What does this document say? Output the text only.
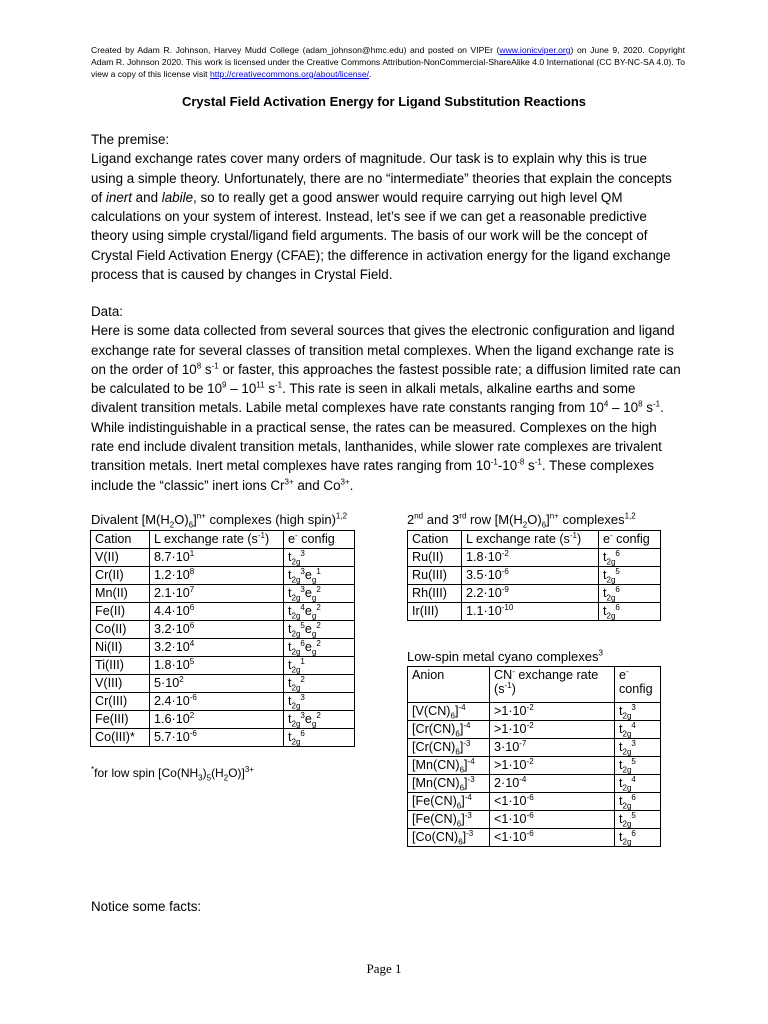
Created by Adam R. Johnson, Harvey Mudd College (adam_johnson@hmc.edu) and posted on VIPEr (www.ionicviper.org) on June 9, 2020. Copyright Adam R. Johnson 2020. This work is licensed under the Creative Commons Attribution-NonCommercial-ShareAlike 4.0 International (CC BY-NC-SA 4.0). To view a copy of this license visit http://creativecommons.org/about/license/.
Crystal Field Activation Energy for Ligand Substitution Reactions
The premise:
Ligand exchange rates cover many orders of magnitude. Our task is to explain why this is true using a simple theory. Unfortunately, there are no “intermediate” theories that explain the concepts of inert and labile, so to really get a good answer would require carrying out high level QM calculations on your system of interest. Instead, let’s see if we can get a reasonable predictive theory using simple crystal/ligand field arguments. The basis of our work will be the concept of Crystal Field Activation Energy (CFAE); the difference in activation energy for the ligand exchange process that is caused by changes in Crystal Field.
Data:
Here is some data collected from several sources that gives the electronic configuration and ligand exchange rate for several classes of transition metal complexes. When the ligand exchange rate is on the order of $10^8$ $s^{-1}$ or faster, this approaches the fastest possible rate; a diffusion limited rate can be calculated to be $10^9 - 10^{11}$ $s^{-1}$. This rate is seen in alkali metals, alkaline earths and some divalent transition metals. Labile metal complexes have rate constants ranging from $10^4 - 10^8$ $s^{-1}$. While indistinguishable in a practical sense, the rates can be measured. Complexes on the high rate end include divalent transition metals, lanthanides, while slower rate complexes are trivalent transition metals. Inert metal complexes have rates ranging from $10^{-1}-10^{-8}$ $s^{-1}$. These complexes include the “classic” inert ions $Cr^{3+}$ and $Co^{3+}$.
Divalent $[M(H_2O)_6]^{n+}$ complexes (high spin)$^{1,2}$
Cation	L exchange rate $(s^{-1})$	e- config
V(II)	$8.7\cdot 10^1$	$t_{2g}^3$
Cr(II)	$1.2\cdot 10^8$	$t_{2g}^3e_g^1$
Mn(II)	$2.1\cdot 10^7$	$t_{2g}^3e_g^2$
Fe(II)	$4.4\cdot 10^6$	$t_{2g}^4e_g^2$
Co(II)	$3.2\cdot 10^6$	$t_{2g}^5e_g^2$
Ni(II)	$3.2\cdot 10^4$	$t_{2g}^6e_g^2$
Ti(III)	$1.8\cdot 10^5$	$t_{2g}^1$
V(III)	$5\cdot 10^2$	$t_{2g}^2$
Cr(III)	$2.4\cdot 10^{-6}$	$t_{2g}^3$
Fe(III)	$1.6\cdot 10^2$	$t_{2g}^3e_g^2$
Co(III)*	$5.7\cdot 10^{-6}$	$t_{2g}^6$
*for low spin $[Co(NH_3)_5(H_2O)]^{3+}$
2nd and 3rd row $[M(H_2O)_6]^{n+}$ complexes$^{1,2}$
Cation	L exchange rate $(s^{-1})$	e- config
Ru(II)	$1.8\cdot 10^{-2}$	$t_{2g}^6$
Ru(III)	$3.5\cdot 10^{-6}$	$t_{2g}^5$
Rh(III)	$2.2\cdot 10^{-9}$	$t_{2g}^6$
Ir(III)	$1.1\cdot 10^{-10}$	$t_{2g}^6$
Low-spin metal cyano complexes$^3$
Anion	CN- exchange rate $(s^{-1})$	e- config
$[V(CN)_6]^{-4}$	$>1\cdot 10^{-2}$	$t_{2g}^3$
$[Cr(CN)_6]^{-4}$	$>1\cdot 10^{-2}$	$t_{2g}^4$
$[Cr(CN)_6]^{-3}$	$3\cdot 10^{-7}$	$t_{2g}^3$
$[Mn(CN)_6]^{-4}$	$>1\cdot 10^{-2}$	$t_{2g}^5$
$[Mn(CN)_6]^{-3}$	$2\cdot 10^{-4}$	$t_{2g}^4$
$[Fe(CN)_6]^{-4}$	$<1\cdot 10^{-6}$	$t_{2g}^6$
$[Fe(CN)_6]^{-3}$	$<1\cdot 10^{-6}$	$t_{2g}^5$
$[Co(CN)_6]^{-3}$	$<1\cdot 10^{-6}$	$t_{2g}^6$
Notice some facts:
Page 1
